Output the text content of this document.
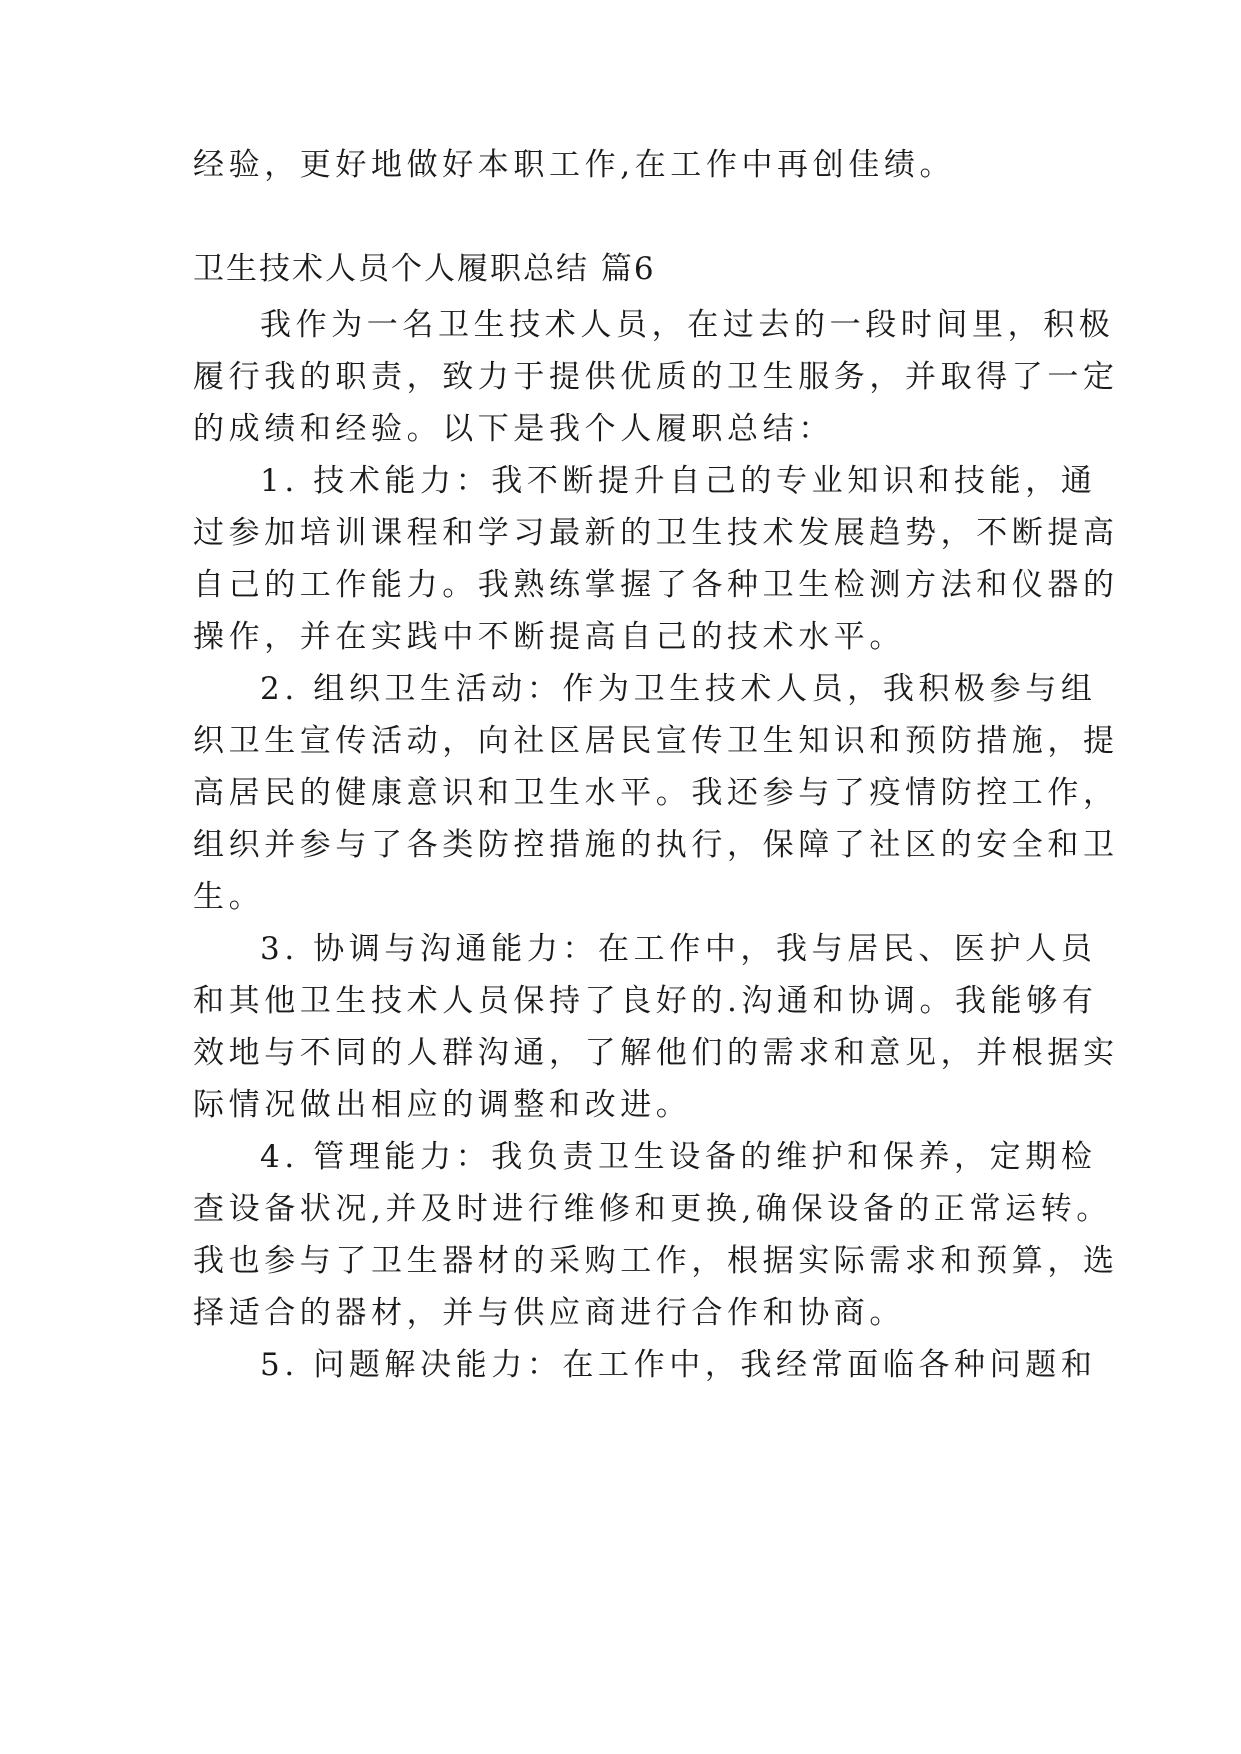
经验，更好地做好本职工作,在工作中再创佳绩。
卫生技术人员个人履职总结 篇6
我作为一名卫生技术人员，在过去的一段时间里，积极
履行我的职责，致力于提供优质的卫生服务，并取得了一定
的成绩和经验。以下是我个人履职总结：
1. 技术能力：我不断提升自己的专业知识和技能，通
过参加培训课程和学习最新的卫生技术发展趋势，不断提高
自己的工作能力。我熟练掌握了各种卫生检测方法和仪器的
操作，并在实践中不断提高自己的技术水平。
2. 组织卫生活动：作为卫生技术人员，我积极参与组
织卫生宣传活动，向社区居民宣传卫生知识和预防措施，提
高居民的健康意识和卫生水平。我还参与了疫情防控工作，
组织并参与了各类防控措施的执行，保障了社区的安全和卫
生。
3. 协调与沟通能力：在工作中，我与居民、医护人员
和其他卫生技术人员保持了良好的.沟通和协调。我能够有
效地与不同的人群沟通，了解他们的需求和意见，并根据实
际情况做出相应的调整和改进。
4. 管理能力：我负责卫生设备的维护和保养，定期检
查设备状况,并及时进行维修和更换,确保设备的正常运转。
我也参与了卫生器材的采购工作，根据实际需求和预算，选
择适合的器材，并与供应商进行合作和协商。
5. 问题解决能力：在工作中，我经常面临各种问题和
